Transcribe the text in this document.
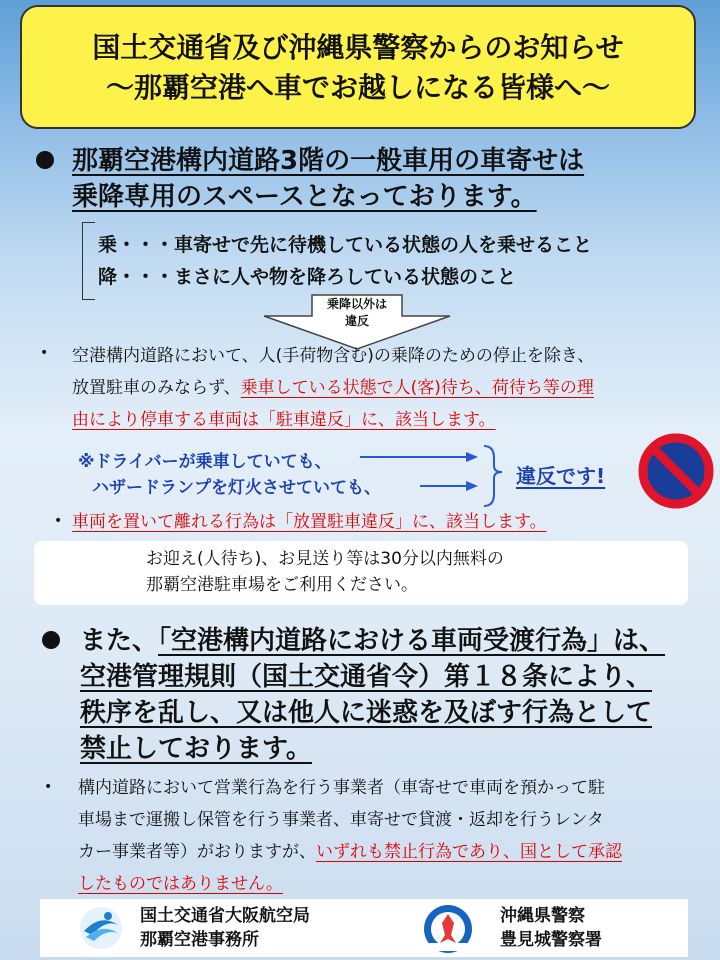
国土交通省及び沖縄県警察からのお知らせ
～那覇空港へ車でお越しになる皆様へ～
那覇空港構内道路3階の一般車用の車寄せは
乗降専用のスペースとなっております。
乗・・・車寄せで先に待機している状態の人を乗せること
降・・・まさに人や物を降ろしている状態のこと
乗降以外は
違反
• 空港構内道路において、人(手荷物含む)の乗降のための停止を除き、
放置駐車のみならず、乗車している状態で人(客)待ち、荷待ち等の理
由により停車する車両は「駐車違反」に、該当します。
※ドライバーが乗車していても、
ハザードランプを灯火させていても、	違反です!
• 車両を置いて離れる行為は「放置駐車違反」に、該当します。
お迎え(人待ち)、お見送り等は30分以内無料の
那覇空港駐車場をご利用ください。
また、「空港構内道路における車両受渡行為」は、
空港管理規則（国土交通省令）第１８条により、
秩序を乱し、又は他人に迷惑を及ぼす行為として
禁止しております。
• 構内道路において営業行為を行う事業者（車寄せで車両を預かって駐
車場まで運搬し保管を行う事業者、車寄せで貸渡・返却を行うレンタ
カー事業者等）がおりますが、いずれも禁止行為であり、国として承認
したものではありません。
国土交通省大阪航空局
那覇空港事務所
沖縄県警察
豊見城警察署
